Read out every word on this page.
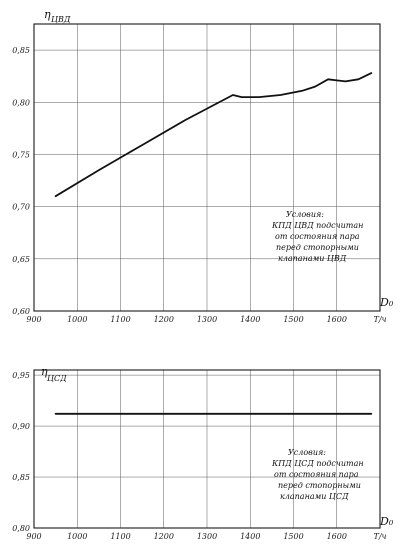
900	1000	1100	1200	1300	1400	1500	1600	Т/ч
0,85
0,80
0,75
0,70
0,65
0,60
η ЦВД
D₀
Условия:
КПД ЦВД подсчитан
от состояния пара
перед стопорными
клапанами ЦВД
900	1000	1100	1200	1300	1400	1500	1600	Т/ч
0,95
0,90
0,85
0,80
η
ЦСД
D₀
Условия:
КПД ЦСД подсчитан
от состояния пара
перед стопорными
клапанами ЦСД
